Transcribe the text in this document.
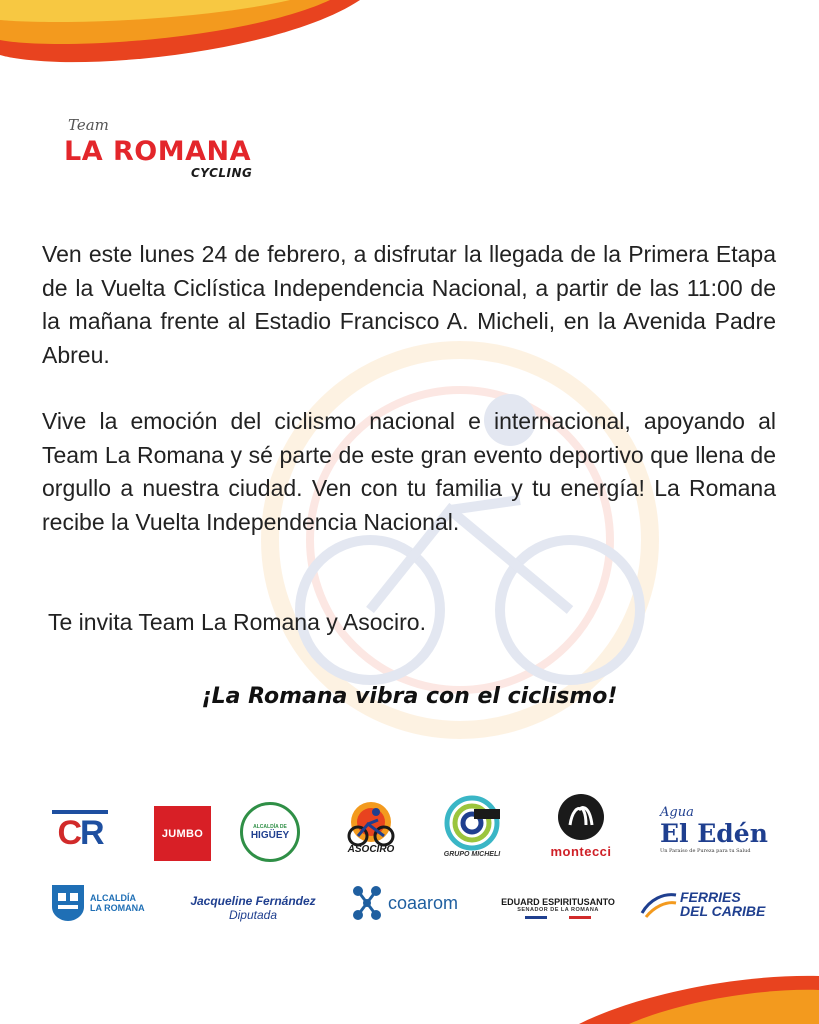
Team
LA ROMANA
CYCLING

Ven este lunes 24 de febrero, a disfrutar la llegada de la Primera Etapa de la Vuelta Ciclística Independencia Nacional, a partir de las 11:00 de la mañana frente al Estadio Francisco A. Micheli, en la Avenida Padre Abreu.

Vive la emoción del ciclismo nacional e internacional, apoyando al Team La Romana y sé parte de este gran evento deportivo que llena de orgullo a nuestra ciudad. Ven con tu familia y tu energía! La Romana recibe la Vuelta Independencia Nacional.

Te invita Team La Romana y Asociro.

¡La Romana vibra con el ciclismo!
CR	JUMBO
ALCALDÍA DE
HIGÜEY
ASOCIRO	GRUPO MICHELI	montecci
Agua
El Edén
Un Paraíso de Pureza para tu Salud
ALCALDÍA
LA ROMANA	Jacqueline Fernández
Diputada
coaarom	EDUARD ESPIRITUSANTO
SENADOR DE LA ROMANA
FERRIES
DEL CARIBE
